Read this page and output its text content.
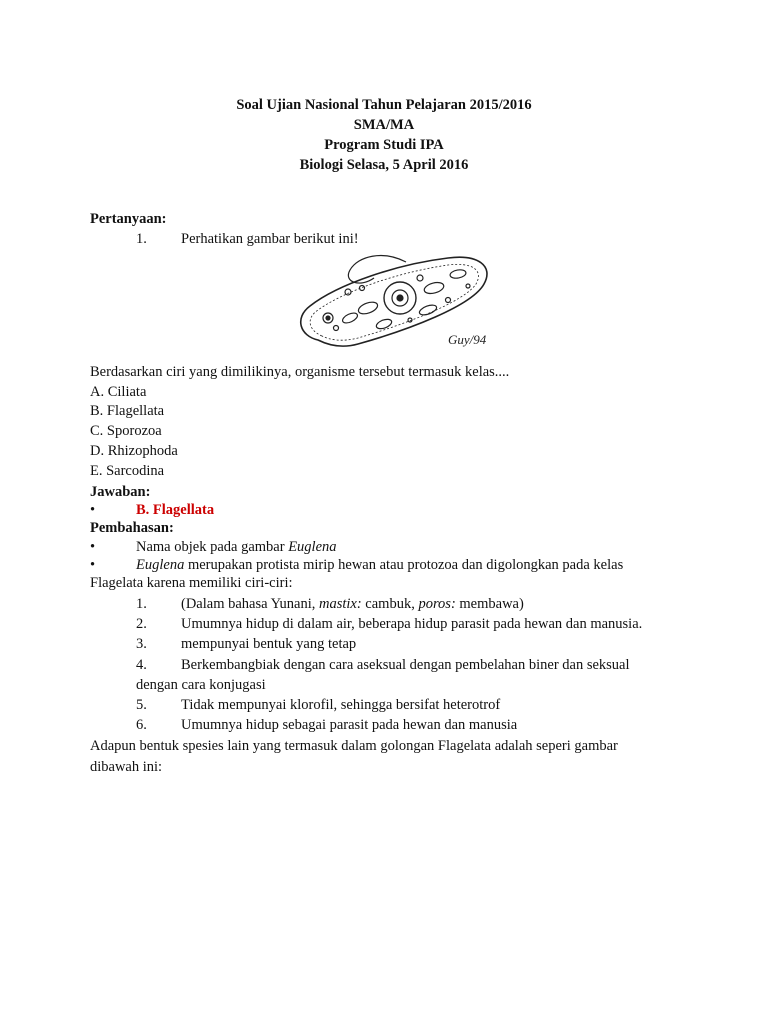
Soal Ujian Nasional Tahun Pelajaran 2015/2016
SMA/MA
Program Studi IPA
Biologi Selasa, 5 April 2016
Pertanyaan:
1. Perhatikan gambar berikut ini!
Guy/94
Berdasarkan ciri yang dimilikinya, organisme tersebut termasuk kelas....
A. Ciliata
B. Flagellata
C. Sporozoa
D. Rhizophoda
E. Sarcodina
Jawaban:
•	B. Flagellata
Pembahasan:
•	Nama objek pada gambar Euglena
•	Euglena merupakan protista mirip hewan atau protozoa dan digolongkan pada kelas
Flagelata karena memiliki ciri-ciri:
1. (Dalam bahasa Yunani, mastix: cambuk, poros: membawa)
2. Umumnya hidup di dalam air, beberapa hidup parasit pada hewan dan manusia.
3. mempunyai bentuk yang tetap
4. Berkembangbiak dengan cara aseksual dengan pembelahan biner dan seksual
dengan cara konjugasi
5. Tidak mempunyai klorofil, sehingga bersifat heterotrof
6. Umumnya hidup sebagai parasit pada hewan dan manusia
Adapun bentuk spesies lain yang termasuk dalam golongan Flagelata adalah seperi gambar
dibawah ini:
